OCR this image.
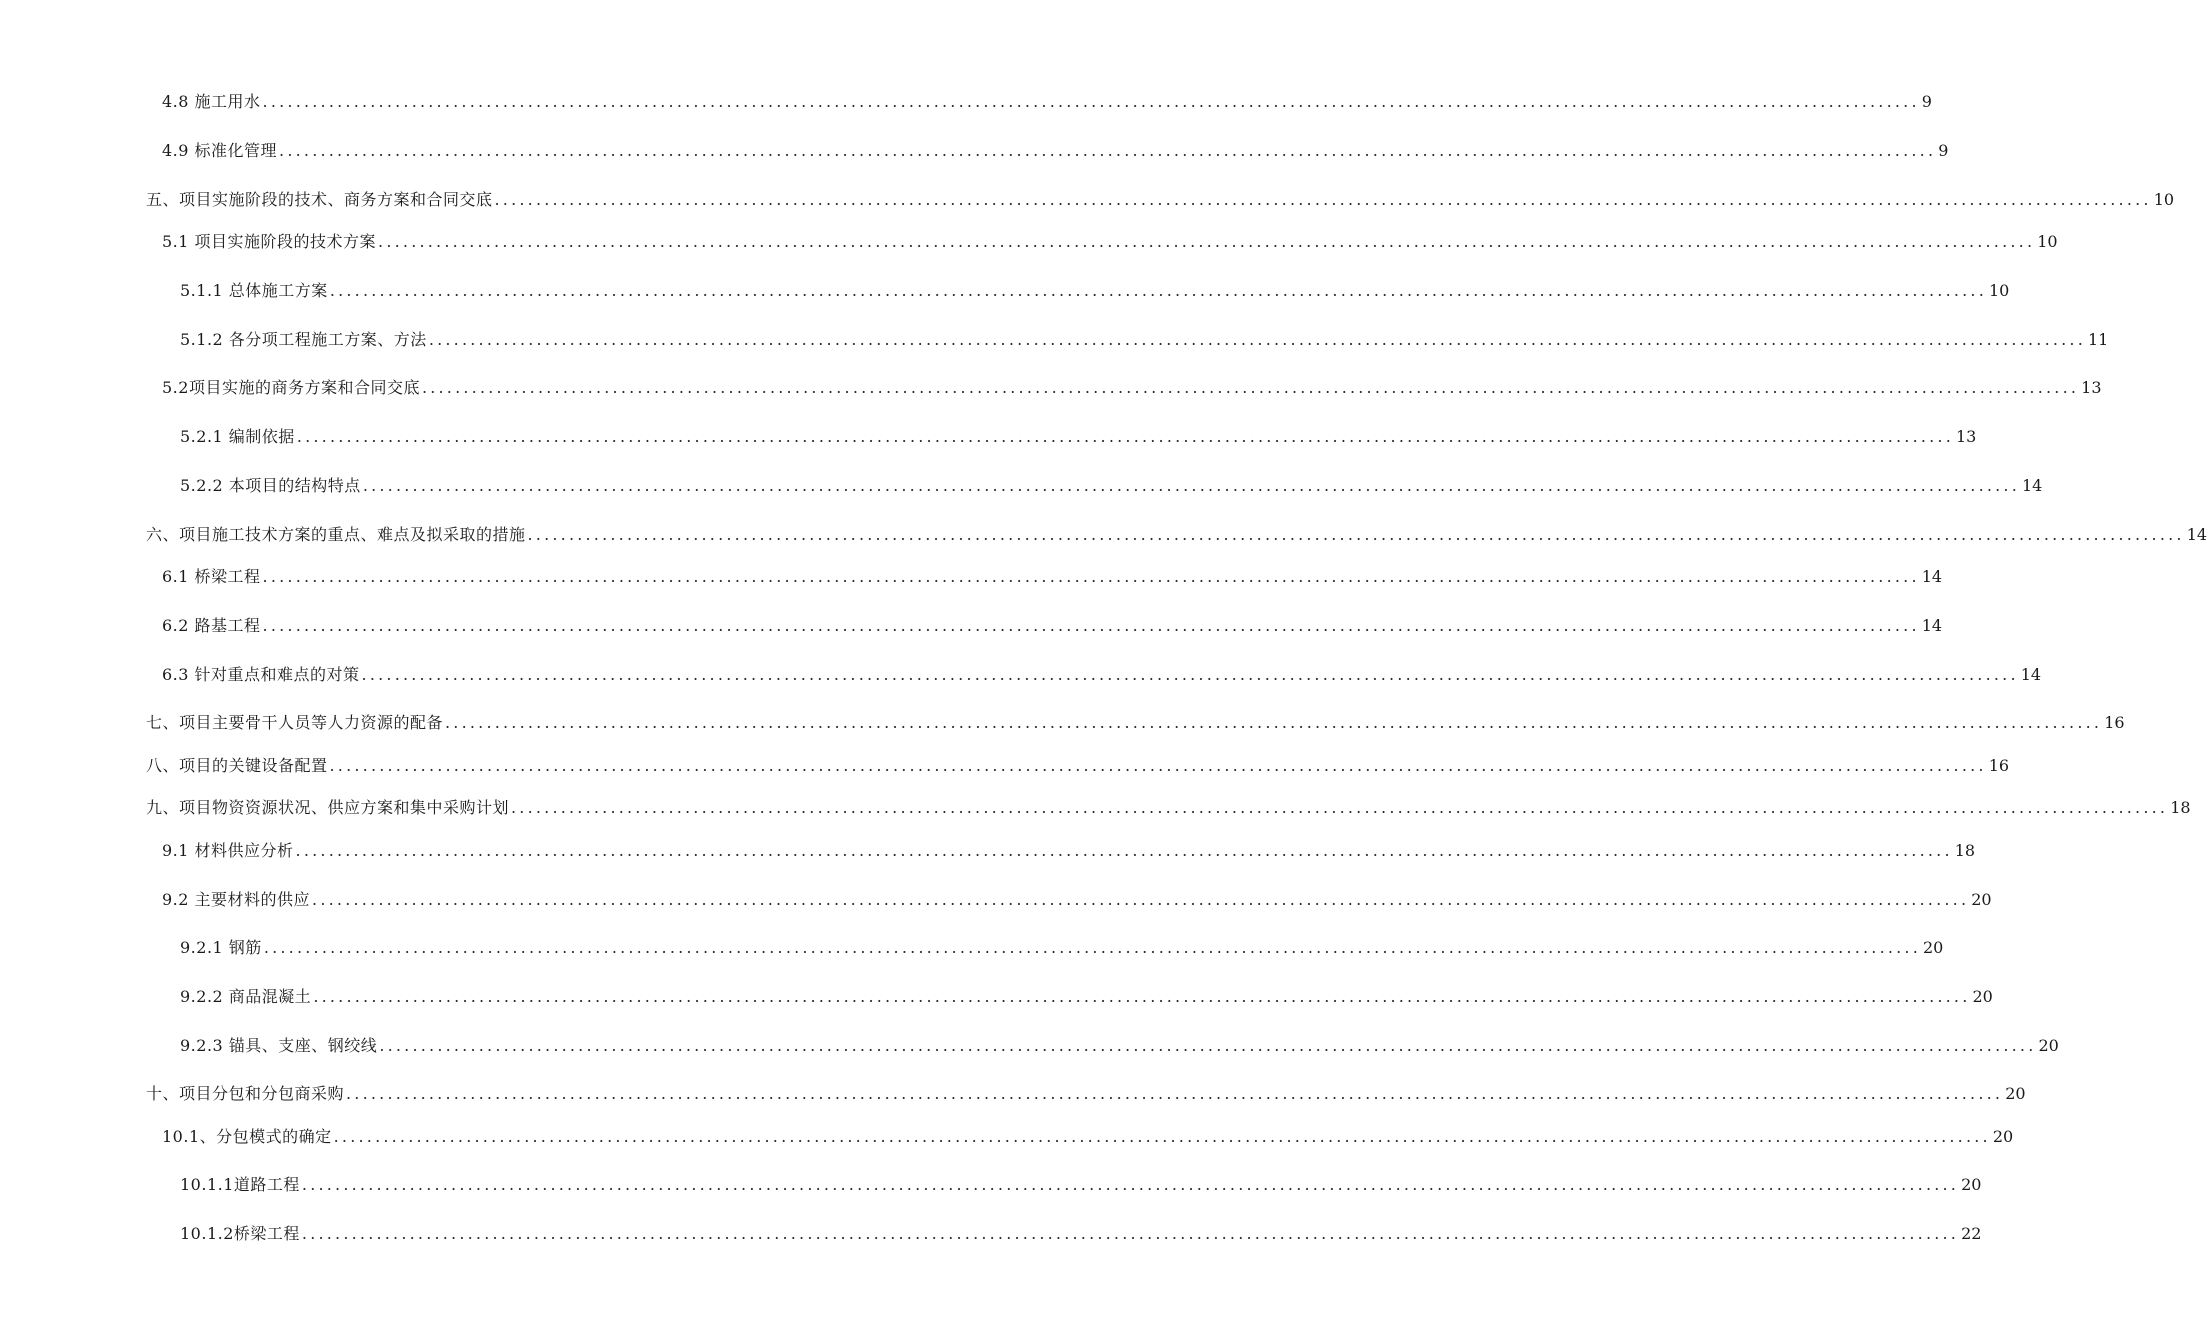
4.8 施工用水 ........................................................................................................................................................................................................ 9
4.9 标准化管理 ........................................................................................................................................................................................................ 9
五、项目实施阶段的技术、商务方案和合同交底 ........................................................................................................................................................................................................ 10
5.1 项目实施阶段的技术方案 ........................................................................................................................................................................................................ 10
5.1.1 总体施工方案 ........................................................................................................................................................................................................ 10
5.1.2 各分项工程施工方案、方法 ........................................................................................................................................................................................................ 11
5.2项目实施的商务方案和合同交底 ........................................................................................................................................................................................................ 13
5.2.1 编制依据 ........................................................................................................................................................................................................ 13
5.2.2 本项目的结构特点 ........................................................................................................................................................................................................ 14
六、项目施工技术方案的重点、难点及拟采取的措施 ........................................................................................................................................................................................................ 14
6.1 桥梁工程 ........................................................................................................................................................................................................ 14
6.2 路基工程 ........................................................................................................................................................................................................ 14
6.3 针对重点和难点的对策 ........................................................................................................................................................................................................ 14
七、项目主要骨干人员等人力资源的配备 ........................................................................................................................................................................................................ 16
八、项目的关键设备配置 ........................................................................................................................................................................................................ 16
九、项目物资资源状况、供应方案和集中采购计划 ........................................................................................................................................................................................................ 18
9.1 材料供应分析 ........................................................................................................................................................................................................ 18
9.2 主要材料的供应 ........................................................................................................................................................................................................ 20
9.2.1 钢筋 ........................................................................................................................................................................................................ 20
9.2.2 商品混凝土 ........................................................................................................................................................................................................ 20
9.2.3 锚具、支座、钢绞线 ........................................................................................................................................................................................................ 20
十、项目分包和分包商采购 ........................................................................................................................................................................................................ 20
10.1、分包模式的确定 ........................................................................................................................................................................................................ 20
10.1.1道路工程 ........................................................................................................................................................................................................ 20
10.1.2桥梁工程 ........................................................................................................................................................................................................ 22
